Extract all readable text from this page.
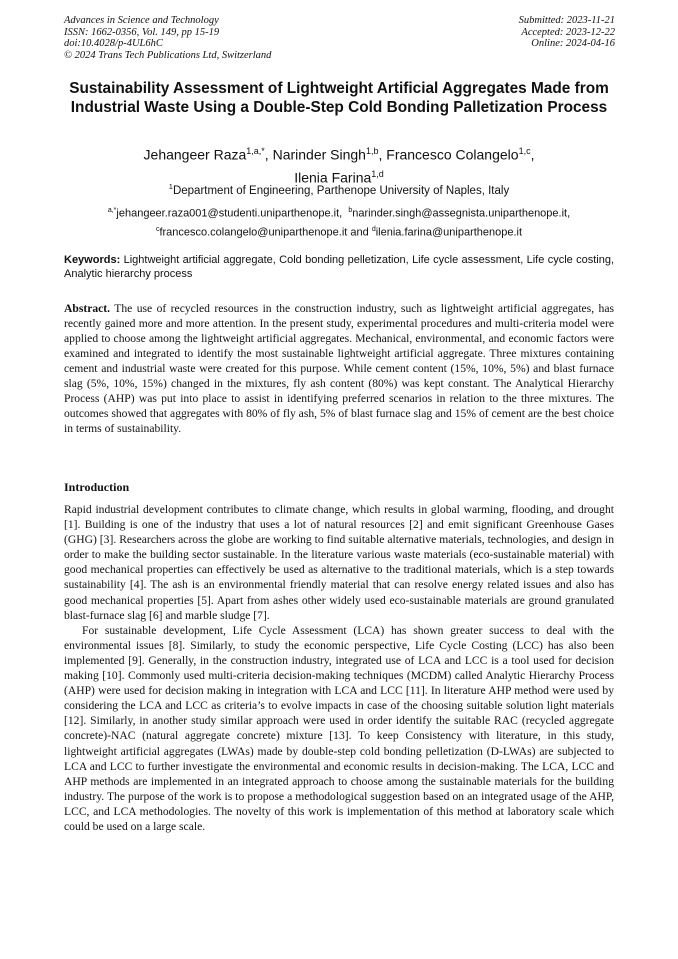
Advances in Science and Technology
ISSN: 1662-0356, Vol. 149, pp 15-19
doi:10.4028/p-4UL6hC
© 2024 Trans Tech Publications Ltd, Switzerland
Submitted: 2023-11-21
Accepted: 2023-12-22
Online: 2024-04-16
Sustainability Assessment of Lightweight Artificial Aggregates Made from Industrial Waste Using a Double-Step Cold Bonding Palletization Process
Jehangeer Raza$^{1,a,*}$, Narinder Singh$^{1,b}$, Francesco Colangelo$^{1,c}$,
Ilenia Farina$^{1,d}$
$^1$Department of Engineering, Parthenope University of Naples, Italy
$^{a,*}$jehangeer.raza001@studenti.uniparthenope.it, $^b$narinder.singh@assegnista.uniparthenope.it,
$^c$francesco.colangelo@uniparthenope.it and $^d$ilenia.farina@uniparthenope.it
Keywords: Lightweight artificial aggregate, Cold bonding pelletization, Life cycle assessment, Life cycle costing, Analytic hierarchy process

Abstract. The use of recycled resources in the construction industry, such as lightweight artificial aggregates, has recently gained more and more attention. In the present study, experimental procedures and multi-criteria model were applied to choose among the lightweight artificial aggregates. Mechanical, environmental, and economic factors were examined and integrated to identify the most sustainable lightweight artificial aggregate. Three mixtures containing cement and industrial waste were created for this purpose. While cement content (15%, 10%, 5%) and blast furnace slag (5%, 10%, 15%) changed in the mixtures, fly ash content (80%) was kept constant. The Analytical Hierarchy Process (AHP) was put into place to assist in identifying preferred scenarios in relation to the three mixtures. The outcomes showed that aggregates with 80% of fly ash, 5% of blast furnace slag and 15% of cement are the best choice in terms of sustainability.

Introduction

Rapid industrial development contributes to climate change, which results in global warming, flooding, and drought [1]. Building is one of the industry that uses a lot of natural resources [2] and emit significant Greenhouse Gases (GHG) [3]. Researchers across the globe are working to find suitable alternative materials, technologies, and design in order to make the building sector sustainable. In the literature various waste materials (eco-sustainable material) with good mechanical properties can effectively be used as alternative to the traditional materials, which is a step towards sustainability [4]. The ash is an environmental friendly material that can resolve energy related issues and also has good mechanical properties [5]. Apart from ashes other widely used eco-sustainable materials are ground granulated blast-furnace slag [6] and marble sludge [7].

For sustainable development, Life Cycle Assessment (LCA) has shown greater success to deal with the environmental issues [8]. Similarly, to study the economic perspective, Life Cycle Costing (LCC) has also been implemented [9]. Generally, in the construction industry, integrated use of LCA and LCC is a tool used for decision making [10]. Commonly used multi-criteria decision-making techniques (MCDM) called Analytic Hierarchy Process (AHP) were used for decision making in integration with LCA and LCC [11]. In literature AHP method were used by considering the LCA and LCC as criteria’s to evolve impacts in case of the choosing suitable solution light materials [12]. Similarly, in another study similar approach were used in order identify the suitable RAC (recycled aggregate concrete)-NAC (natural aggregate concrete) mixture [13]. To keep Consistency with literature, in this study, lightweight artificial aggregates (LWAs) made by double-step cold bonding pelletization (D-LWAs) are subjected to LCA and LCC to further investigate the environmental and economic results in decision-making. The LCA, LCC and AHP methods are implemented in an integrated approach to choose among the sustainable materials for the building industry. The purpose of the work is to propose a methodological suggestion based on an integrated usage of the AHP, LCC, and LCA methodologies. The novelty of this work is implementation of this method at laboratory scale which could be used on a large scale.
